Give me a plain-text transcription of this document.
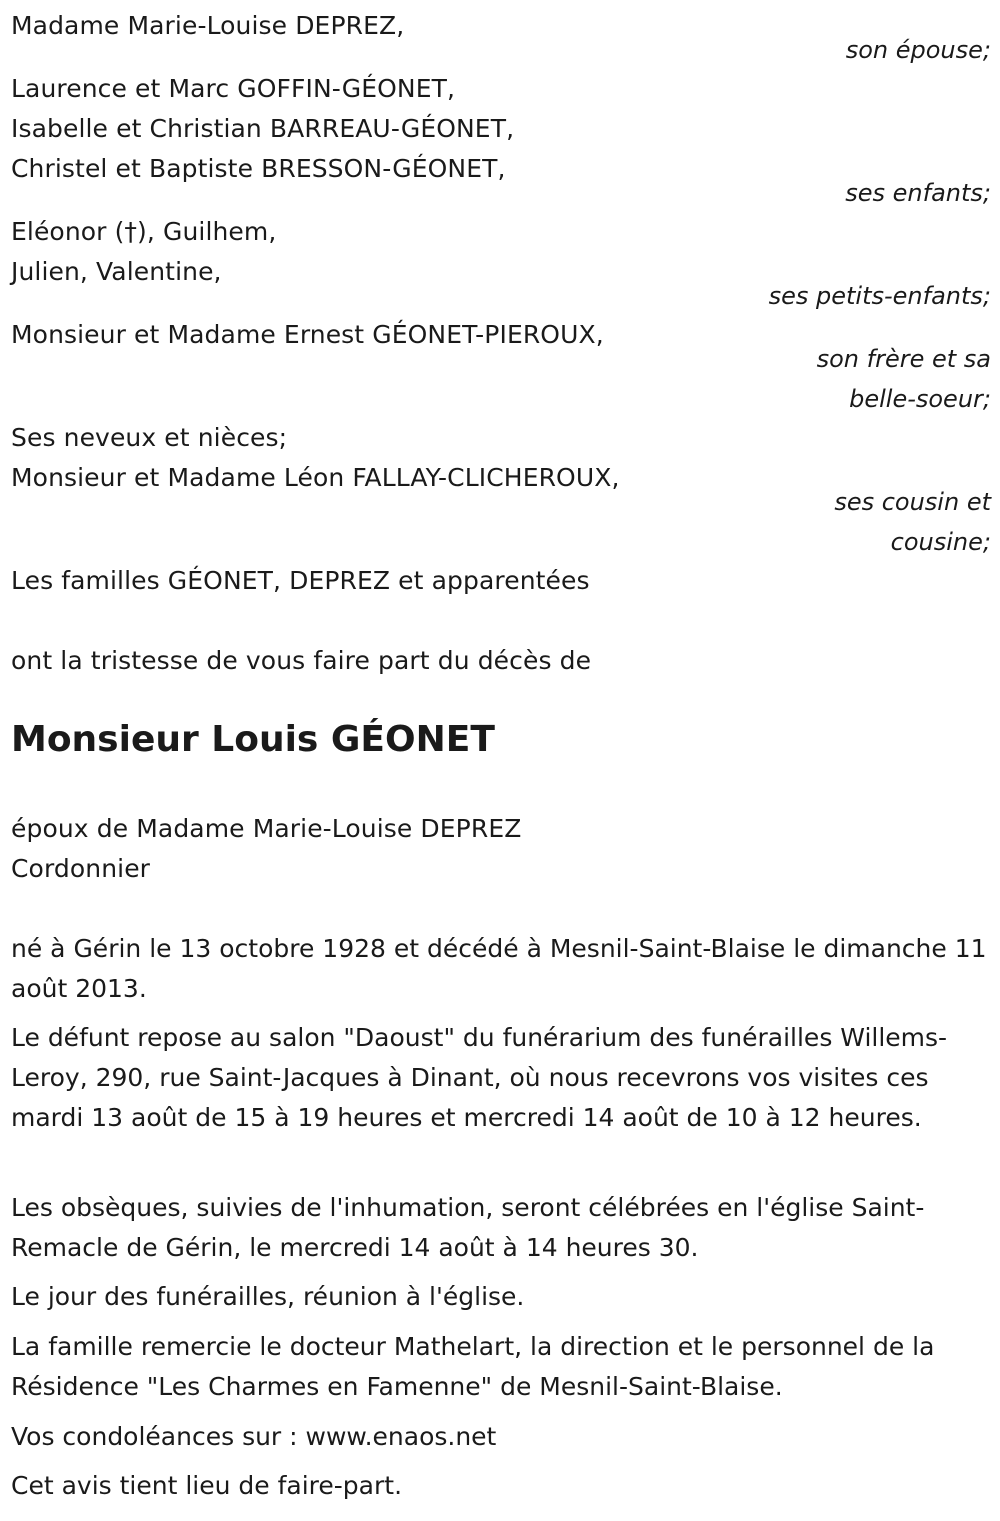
Madame Marie-Louise DEPREZ,
son épouse;
Laurence et Marc GOFFIN-GÉONET,
Isabelle et Christian BARREAU-GÉONET,
Christel et Baptiste BRESSON-GÉONET,
ses enfants;
Eléonor (†), Guilhem,
Julien, Valentine,
ses petits-enfants;
Monsieur et Madame Ernest GÉONET-PIEROUX,
son frère et sa
belle-soeur;
Ses neveux et nièces;
Monsieur et Madame Léon FALLAY-CLICHEROUX,
ses cousin et
cousine;
Les familles GÉONET, DEPREZ et apparentées
ont la tristesse de vous faire part du décès de
Monsieur Louis GÉONET
époux de Madame Marie-Louise DEPREZ
Cordonnier
né à Gérin le 13 octobre 1928 et décédé à Mesnil-Saint-Blaise le dimanche 11 août 2013.
Le défunt repose au salon "Daoust" du funérarium des funérailles Willems-Leroy, 290, rue Saint-Jacques à Dinant, où nous recevrons vos visites ces mardi 13 août de 15 à 19 heures et mercredi 14 août de 10 à 12 heures.
Les obsèques, suivies de l'inhumation, seront célébrées en l'église Saint-Remacle de Gérin, le mercredi 14 août à 14 heures 30.
Le jour des funérailles, réunion à l'église.
La famille remercie le docteur Mathelart, la direction et le personnel de la Résidence "Les Charmes en Famenne" de Mesnil-Saint-Blaise.
Vos condoléances sur : www.enaos.net
Cet avis tient lieu de faire-part.
